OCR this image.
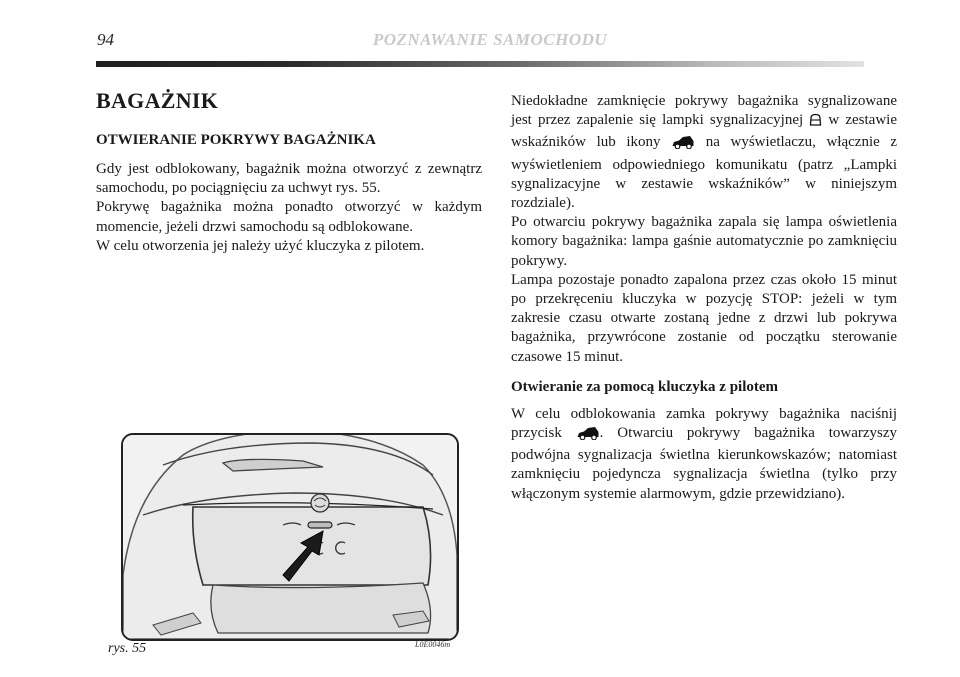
94	POZNAWANIE SAMOCHODU
BAGAŻNIK
OTWIERANIE POKRYWY BAGAŻNIKA

Gdy jest odblokowany, bagażnik można otworzyć z zewnątrz samochodu, po pociągnięciu za uchwyt rys. 55.

Pokrywę bagażnika można ponadto otworzyć w każdym momencie, jeżeli drzwi samochodu są odblokowane.

W celu otworzenia jej należy użyć kluczyka z pilotem.

Niedokładne zamknięcie pokrywy bagażnika sygnalizowane jest przez zapalenie się lampki sygnalizacyjnej w zestawie wskaźników lub ikony	na wyświetlaczu, włącznie z wyświetleniem odpowiedniego komunikatu (patrz „Lampki sygnalizacyjne w zestawie wskaźników” w niniejszym rozdziale).

Po otwarciu pokrywy bagażnika zapala się lampa oświetlenia komory bagażnika: lampa gaśnie automatycznie po zamknięciu pokrywy.

Lampa pozostaje ponadto zapalona przez czas około 15 minut po przekręceniu kluczyka w pozycję STOP: jeżeli w tym zakresie czasu otwarte zostaną jedne z drzwi lub pokrywa bagażnika, przywrócone zostanie od początku sterowanie czasowe 15 minut.

Otwieranie za pomocą kluczyka z pilotem

W celu odblokowania zamka pokrywy bagażnika naciśnij przycisk	. Otwarciu pokrywy bagażnika towarzyszy podwójna sygnalizacja świetlna kierunkowskazów; natomiast zamknięciu pojedyncza sygnalizacja świetlna (tylko przy włączonym systemie alarmowym, gdzie przewidziano).

rys. 55	L0E0046m
